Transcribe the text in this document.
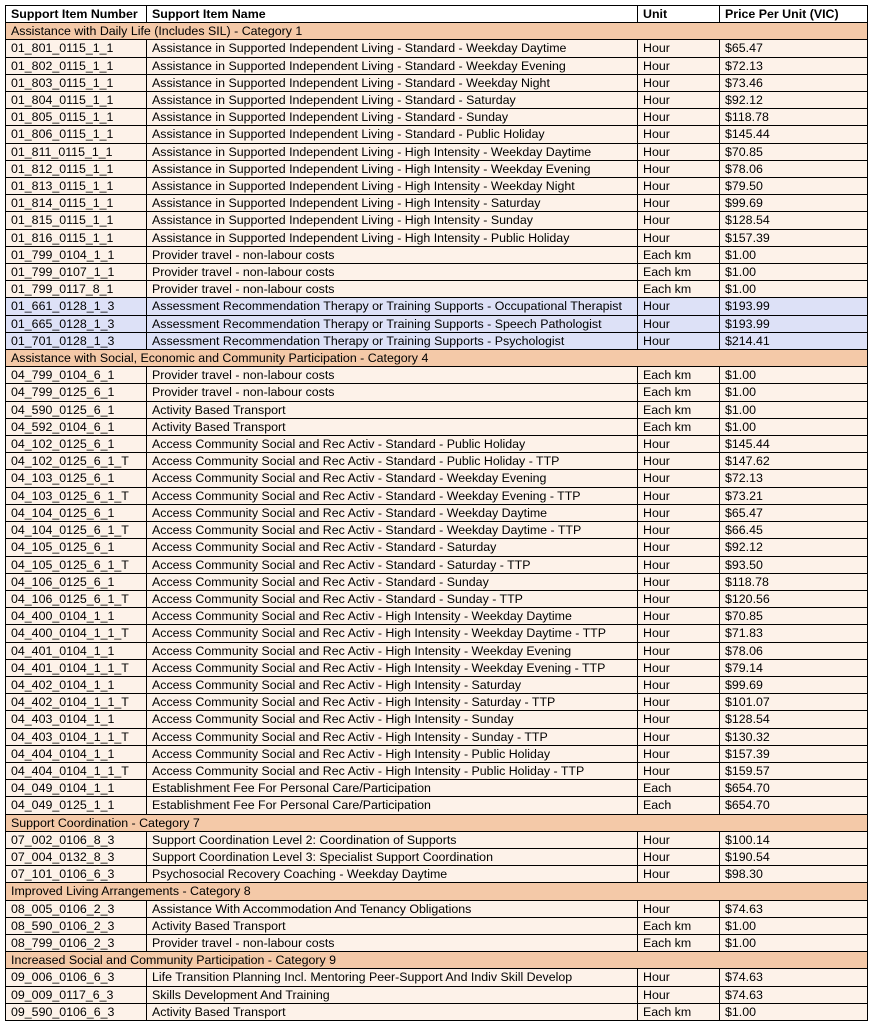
Support Item Number	Support Item Name	Unit	Price Per Unit (VIC)
Assistance with Daily Life (Includes SIL) - Category 1			
01_801_0115_1_1	Assistance in Supported Independent Living - Standard - Weekday Daytime	Hour	$65.47
01_802_0115_1_1	Assistance in Supported Independent Living - Standard - Weekday Evening	Hour	$72.13
01_803_0115_1_1	Assistance in Supported Independent Living - Standard - Weekday Night	Hour	$73.46
01_804_0115_1_1	Assistance in Supported Independent Living - Standard - Saturday	Hour	$92.12
01_805_0115_1_1	Assistance in Supported Independent Living - Standard - Sunday	Hour	$118.78
01_806_0115_1_1	Assistance in Supported Independent Living - Standard - Public Holiday	Hour	$145.44
01_811_0115_1_1	Assistance in Supported Independent Living - High Intensity - Weekday Daytime	Hour	$70.85
01_812_0115_1_1	Assistance in Supported Independent Living - High Intensity - Weekday Evening	Hour	$78.06
01_813_0115_1_1	Assistance in Supported Independent Living - High Intensity - Weekday Night	Hour	$79.50
01_814_0115_1_1	Assistance in Supported Independent Living - High Intensity - Saturday	Hour	$99.69
01_815_0115_1_1	Assistance in Supported Independent Living - High Intensity - Sunday	Hour	$128.54
01_816_0115_1_1	Assistance in Supported Independent Living - High Intensity - Public Holiday	Hour	$157.39
01_799_0104_1_1	Provider travel - non-labour costs	Each km	$1.00
01_799_0107_1_1	Provider travel - non-labour costs	Each km	$1.00
01_799_0117_8_1	Provider travel - non-labour costs	Each km	$1.00
01_661_0128_1_3	Assessment Recommendation Therapy or Training Supports - Occupational Therapist	Hour	$193.99
01_665_0128_1_3	Assessment Recommendation Therapy or Training Supports - Speech Pathologist	Hour	$193.99
01_701_0128_1_3	Assessment Recommendation Therapy or Training Supports - Psychologist	Hour	$214.41
Assistance with Social, Economic and Community Participation - Category 4			
04_799_0104_6_1	Provider travel - non-labour costs	Each km	$1.00
04_799_0125_6_1	Provider travel - non-labour costs	Each km	$1.00
04_590_0125_6_1	Activity Based Transport	Each km	$1.00
04_592_0104_6_1	Activity Based Transport	Each km	$1.00
04_102_0125_6_1	Access Community Social and Rec Activ - Standard - Public Holiday	Hour	$145.44
04_102_0125_6_1_T	Access Community Social and Rec Activ - Standard - Public Holiday - TTP	Hour	$147.62
04_103_0125_6_1	Access Community Social and Rec Activ - Standard - Weekday Evening	Hour	$72.13
04_103_0125_6_1_T	Access Community Social and Rec Activ - Standard - Weekday Evening - TTP	Hour	$73.21
04_104_0125_6_1	Access Community Social and Rec Activ - Standard - Weekday Daytime	Hour	$65.47
04_104_0125_6_1_T	Access Community Social and Rec Activ - Standard - Weekday Daytime - TTP	Hour	$66.45
04_105_0125_6_1	Access Community Social and Rec Activ - Standard - Saturday	Hour	$92.12
04_105_0125_6_1_T	Access Community Social and Rec Activ - Standard - Saturday - TTP	Hour	$93.50
04_106_0125_6_1	Access Community Social and Rec Activ - Standard - Sunday	Hour	$118.78
04_106_0125_6_1_T	Access Community Social and Rec Activ - Standard - Sunday - TTP	Hour	$120.56
04_400_0104_1_1	Access Community Social and Rec Activ - High Intensity - Weekday Daytime	Hour	$70.85
04_400_0104_1_1_T	Access Community Social and Rec Activ - High Intensity - Weekday Daytime - TTP	Hour	$71.83
04_401_0104_1_1	Access Community Social and Rec Activ - High Intensity - Weekday Evening	Hour	$78.06
04_401_0104_1_1_T	Access Community Social and Rec Activ - High Intensity - Weekday Evening - TTP	Hour	$79.14
04_402_0104_1_1	Access Community Social and Rec Activ - High Intensity - Saturday	Hour	$99.69
04_402_0104_1_1_T	Access Community Social and Rec Activ - High Intensity - Saturday - TTP	Hour	$101.07
04_403_0104_1_1	Access Community Social and Rec Activ - High Intensity - Sunday	Hour	$128.54
04_403_0104_1_1_T	Access Community Social and Rec Activ - High Intensity - Sunday - TTP	Hour	$130.32
04_404_0104_1_1	Access Community Social and Rec Activ - High Intensity - Public Holiday	Hour	$157.39
04_404_0104_1_1_T	Access Community Social and Rec Activ - High Intensity - Public Holiday - TTP	Hour	$159.57
04_049_0104_1_1	Establishment Fee For Personal Care/Participation	Each	$654.70
04_049_0125_1_1	Establishment Fee For Personal Care/Participation	Each	$654.70
Support Coordination - Category 7			
07_002_0106_8_3	Support Coordination Level 2: Coordination of Supports	Hour	$100.14
07_004_0132_8_3	Support Coordination Level 3: Specialist Support Coordination	Hour	$190.54
07_101_0106_6_3	Psychosocial Recovery Coaching - Weekday Daytime	Hour	$98.30
Improved Living Arrangements - Category 8			
08_005_0106_2_3	Assistance With Accommodation And Tenancy Obligations	Hour	$74.63
08_590_0106_2_3	Activity Based Transport	Each km	$1.00
08_799_0106_2_3	Provider travel - non-labour costs	Each km	$1.00
Increased Social and Community Participation - Category 9			
09_006_0106_6_3	Life Transition Planning Incl. Mentoring Peer-Support And Indiv Skill Develop	Hour	$74.63
09_009_0117_6_3	Skills Development And Training	Hour	$74.63
09_590_0106_6_3	Activity Based Transport	Each km	$1.00
